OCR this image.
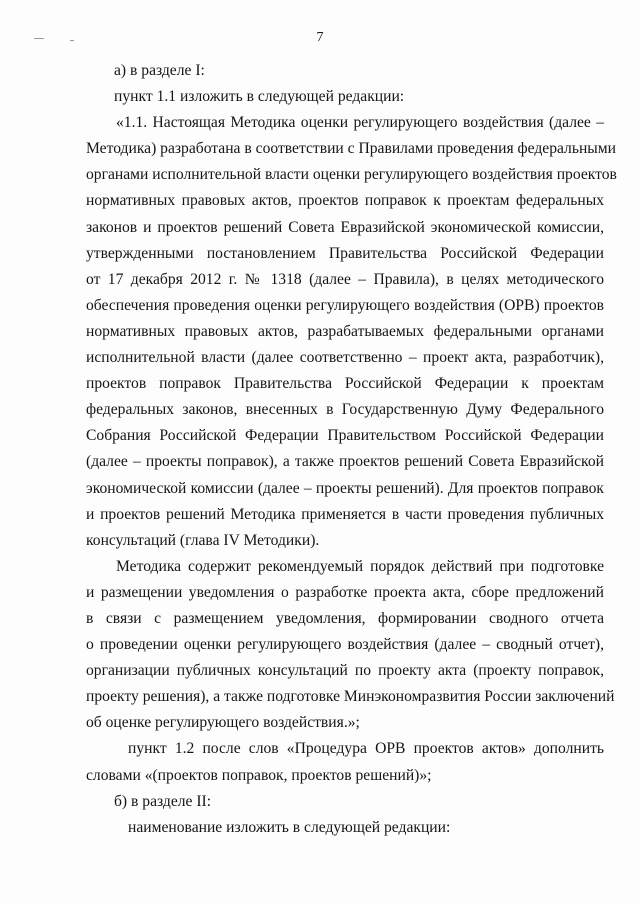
7
а) в разделе I:
пункт 1.1 изложить в следующей редакции:
«1.1. Настоящая Методика оценки регулирующего воздействия (далее –
Методика) разработана в соответствии с Правилами проведения федеральными
органами исполнительной власти оценки регулирующего воздействия проектов
нормативных правовых актов, проектов поправок к проектам федеральных
законов и проектов решений Совета Евразийской экономической комиссии,
утвержденными постановлением Правительства Российской Федерации
от 17 декабря 2012 г. № 1318 (далее – Правила), в целях методического
обеспечения проведения оценки регулирующего воздействия (ОРВ) проектов
нормативных правовых актов, разрабатываемых федеральными органами
исполнительной власти (далее соответственно – проект акта, разработчик),
проектов поправок Правительства Российской Федерации к проектам
федеральных законов, внесенных в Государственную Думу Федерального
Собрания Российской Федерации Правительством Российской Федерации
(далее – проекты поправок), а также проектов решений Совета Евразийской
экономической комиссии (далее – проекты решений). Для проектов поправок
и проектов решений Методика применяется в части проведения публичных
консультаций (глава IV Методики).
Методика содержит рекомендуемый порядок действий при подготовке
и размещении уведомления о разработке проекта акта, сборе предложений
в связи с размещением уведомления, формировании сводного отчета
о проведении оценки регулирующего воздействия (далее – сводный отчет),
организации публичных консультаций по проекту акта (проекту поправок,
проекту решения), а также подготовке Минэкономразвития России заключений
об оценке регулирующего воздействия.»;
пункт 1.2 после слов «Процедура ОРВ проектов актов» дополнить
словами «(проектов поправок, проектов решений)»;
б) в разделе II:
наименование изложить в следующей редакции:
